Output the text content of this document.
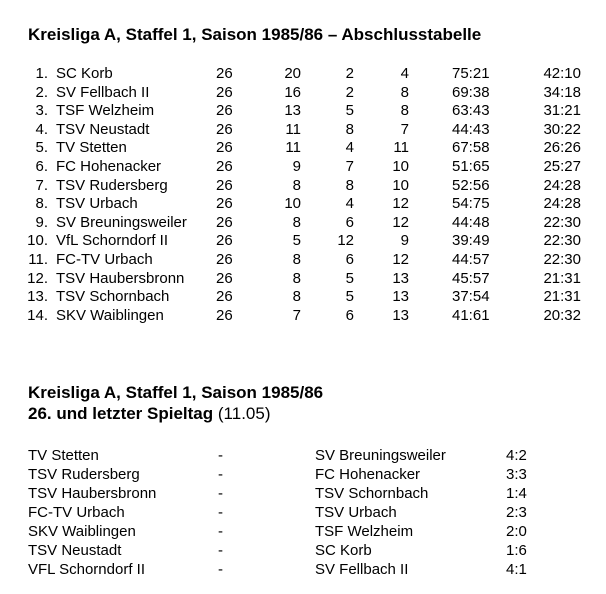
Kreisliga A, Staffel 1, Saison 1985/86 – Abschlusstabelle
1. SC Korb	26	20	2	4	75:21	42:10
2. SV Fellbach II	26	16	2	8	69:38	34:18
3. TSF Welzheim	26	13	5	8	63:43	31:21
4. TSV Neustadt	26	11	8	7	44:43	30:22
5. TV Stetten	26	11	4	11	67:58	26:26
6. FC Hohenacker	26	9	7	10	51:65	25:27
7. TSV Rudersberg	26	8	8	10	52:56	24:28
8. TSV Urbach	26	10	4	12	54:75	24:28
9. SV Breuningsweiler 26	8	6	12	44:48	22:30
10. VfL Schorndorf II	26	5	12	9	39:49	22:30
11. FC-TV Urbach	26	8	6	12	44:57	22:30
12. TSV Haubersbronn 26	8	5	13	45:57	21:31
13. TSV Schornbach	26	8	5	13	37:54	21:31
14. SKV Waiblingen	26	7	6	13	41:61	20:32
Kreisliga A, Staffel 1, Saison 1985/86
26. und letzter Spieltag (11.05)
TV Stetten	-	SV Breuningsweiler	4:2
TSV Rudersberg	-	FC Hohenacker	3:3
TSV Haubersbronn	-	TSV Schornbach	1:4
FC-TV Urbach	-	TSV Urbach	2:3
SKV Waiblingen	-	TSF Welzheim	2:0
TSV Neustadt	-	SC Korb	1:6
VFL Schorndorf II	-	SV Fellbach II	4:1
